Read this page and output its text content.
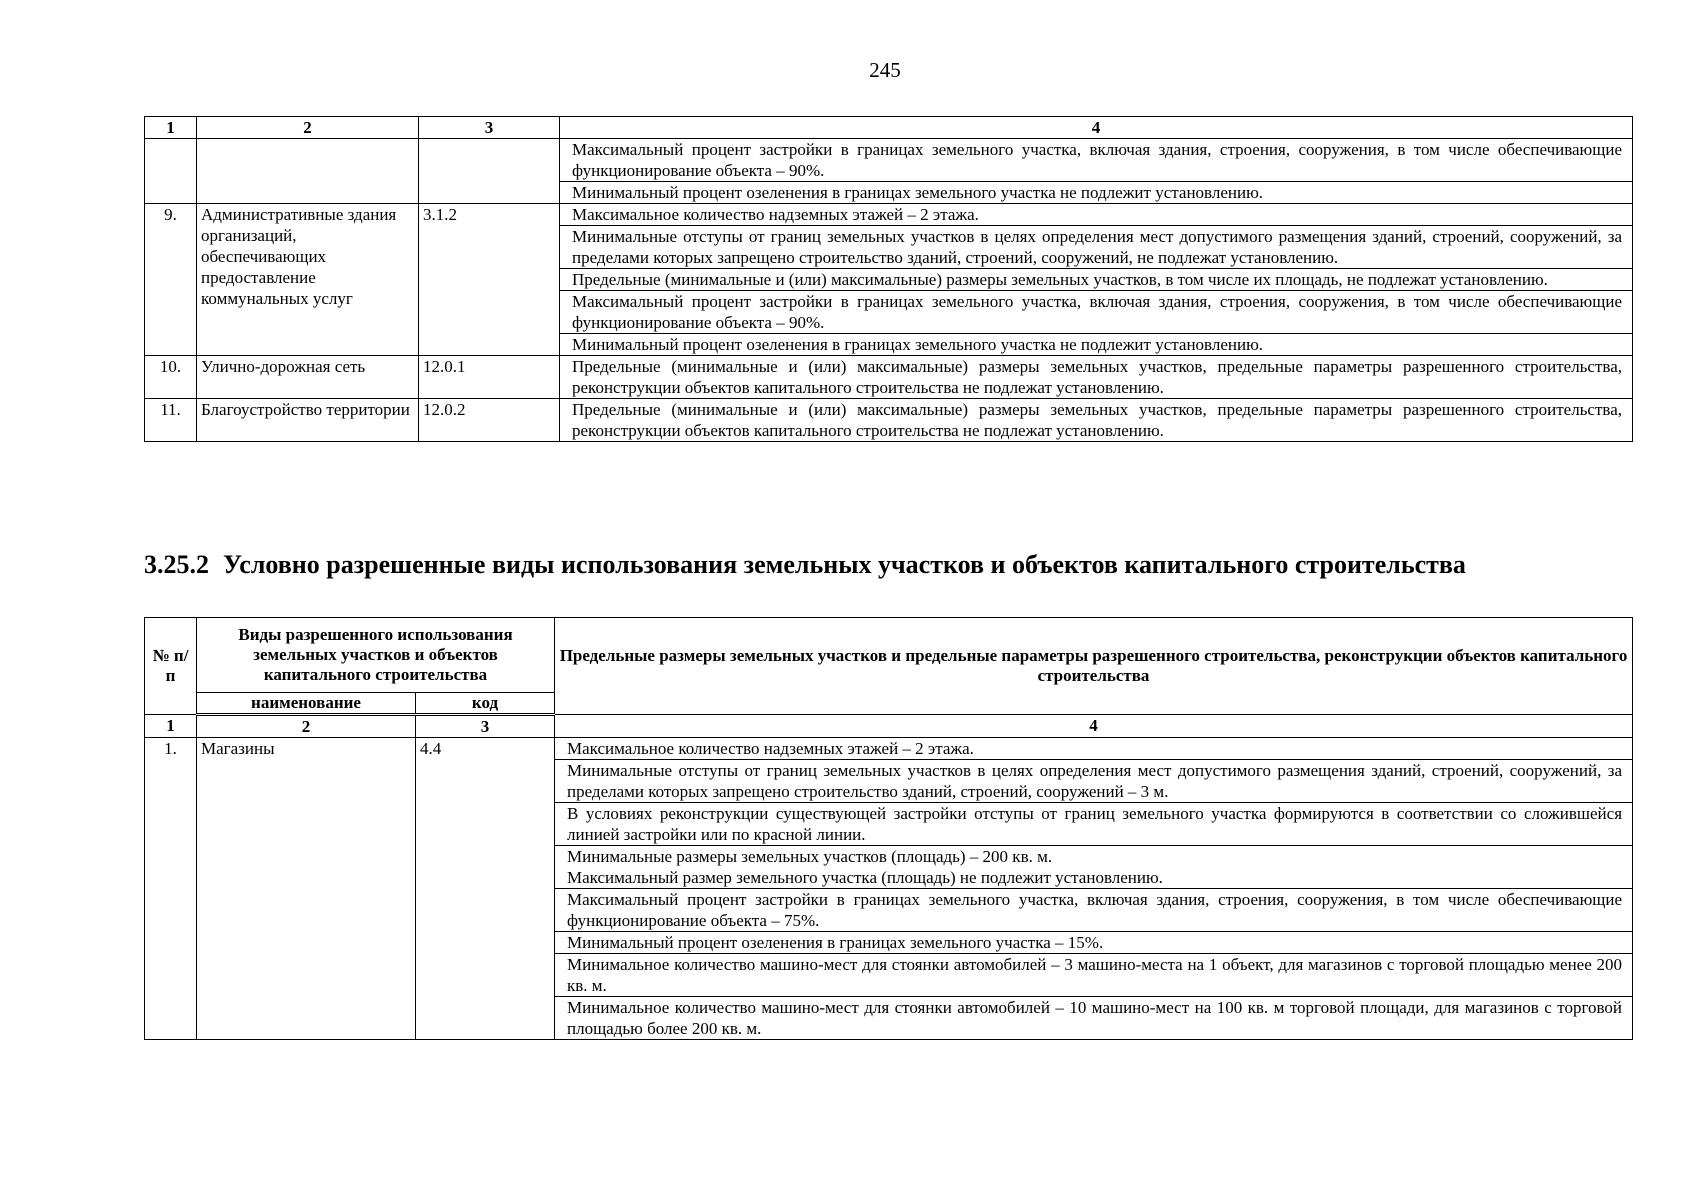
245
1	2	3	4
			Максимальный процент застройки в границах земельного участка, включая здания, строения, сооружения, в том числе обеспечивающие функционирование объекта – 90%.
			Минимальный процент озеленения в границах земельного участка не подлежит установлению.
9.	Административные здания организаций, обеспечивающих предоставление коммунальных услуг	3.1.2	Максимальное количество надземных этажей – 2 этажа.
			Минимальные отступы от границ земельных участков в целях определения мест допустимого размещения зданий, строений, сооружений, за пределами которых запрещено строительство зданий, строений, сооружений, не подлежат установлению.
			Предельные (минимальные и (или) максимальные) размеры земельных участков, в том числе их площадь, не подлежат установлению.
			Максимальный процент застройки в границах земельного участка, включая здания, строения, сооружения, в том числе обеспечивающие функционирование объекта – 90%.
			Минимальный процент озеленения в границах земельного участка не подлежит установлению.
10.	Улично-дорожная сеть	12.0.1	Предельные (минимальные и (или) максимальные) размеры земельных участков, предельные параметры разрешенного строительства, реконструкции объектов капитального строительства не подлежат установлению.
11.	Благоустройство территории	12.0.2	Предельные (минимальные и (или) максимальные) размеры земельных участков, предельные параметры разрешенного строительства, реконструкции объектов капитального строительства не подлежат установлению.
3.25.2 Условно разрешенные виды использования земельных участков и объектов капитального строительства
№ п/п	Виды разрешенного использования земельных участков и объектов капитального строительства		Предельные размеры земельных участков и предельные параметры разрешенного строительства, реконструкции объектов капитального строительства
	наименование	код	
1	2	3	4
1.	Магазины	4.4	Максимальное количество надземных этажей – 2 этажа.
			Минимальные отступы от границ земельных участков в целях определения мест допустимого размещения зданий, строений, сооружений, за пределами которых запрещено строительство зданий, строений, сооружений – 3 м.
			В условиях реконструкции существующей застройки отступы от границ земельного участка формируются в соответствии со сложившейся линией застройки или по красной линии.

			Минимальные размеры земельных участков (площадь) – 200 кв. м.
Максимальный размер земельного участка (площадь) не подлежит установлению.

			Максимальный процент застройки в границах земельного участка, включая здания, строения, сооружения, в том числе обеспечивающие функционирование объекта – 75%.
			Минимальный процент озеленения в границах земельного участка – 15%.
			Минимальное количество машино-мест для стоянки автомобилей – 3 машино-места на 1 объект, для магазинов с торговой площадью менее 200 кв. м.
			Минимальное количество машино-мест для стоянки автомобилей – 10 машино-мест на 100 кв. м торговой площади, для магазинов с торговой площадью более 200 кв. м.
